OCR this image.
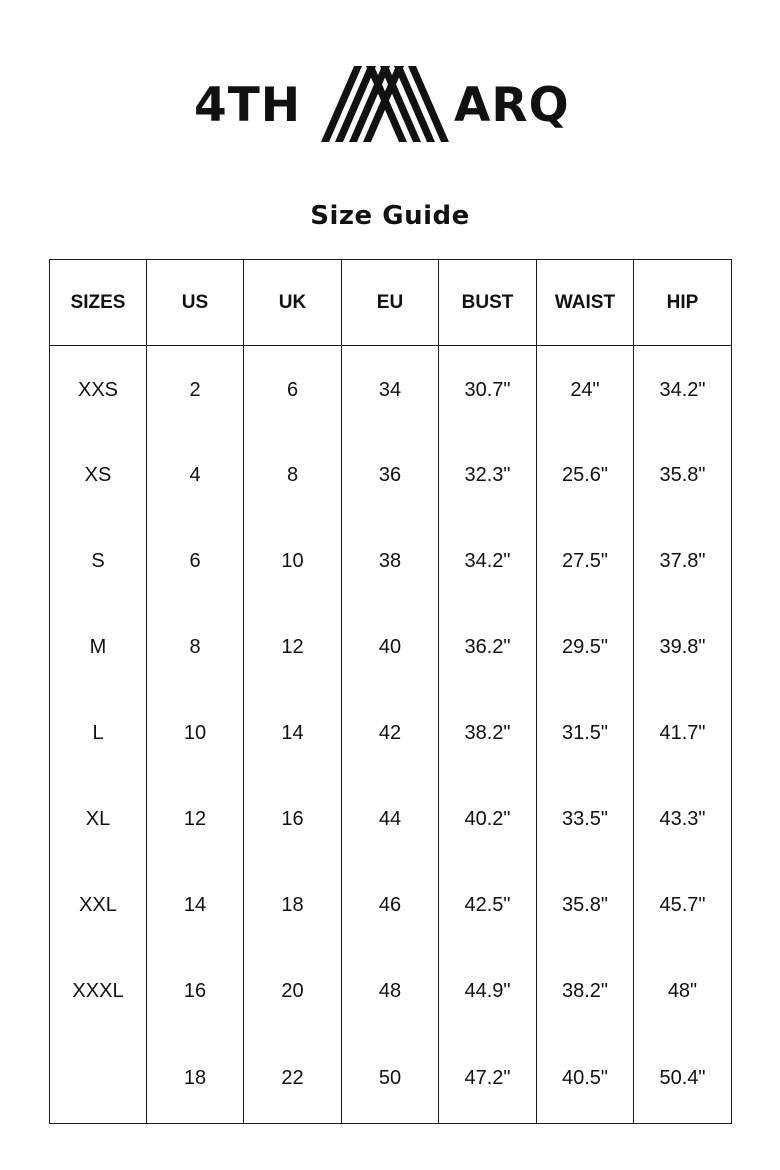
4TH	ARQ
Size Guide
SIZES	US	UK	EU	BUST	WAIST	HIP
XXS	2	6	34	30.7"	24"	34.2"
XS	4	8	36	32.3"	25.6"	35.8"
S	6	10	38	34.2"	27.5"	37.8"
M	8	12	40	36.2"	29.5"	39.8"
L	10	14	42	38.2"	31.5"	41.7"
XL	12	16	44	40.2"	33.5"	43.3"
XXL	14	18	46	42.5"	35.8"	45.7"
XXXL	16	20	48	44.9"	38.2"	48"
	18	22	50	47.2"	40.5"	50.4"
